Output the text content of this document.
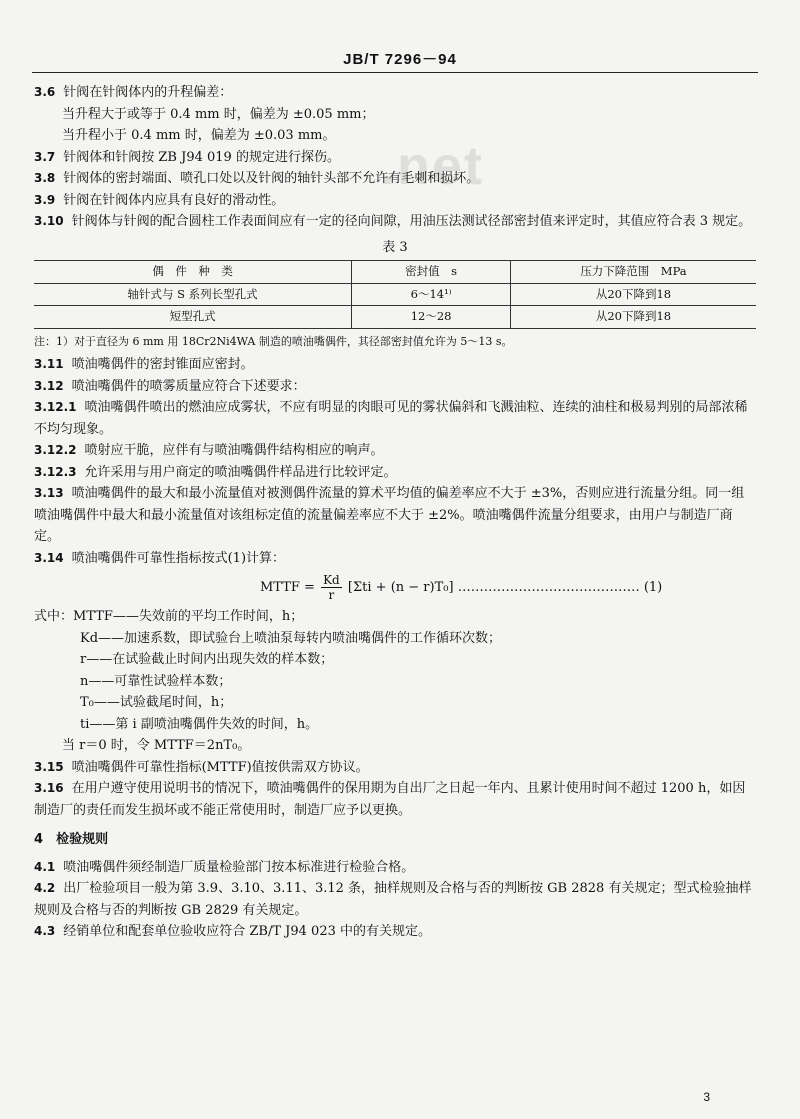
.net
JB/T 7296－94

3.6 针阀在针阀体内的升程偏差：

当升程大于或等于 0.4 mm 时，偏差为 ±0.05 mm；

当升程小于 0.4 mm 时，偏差为 ±0.03 mm。

3.7 针阀体和针阀按 ZB J94 019 的规定进行探伤。

3.8 针阀体的密封端面、喷孔口处以及针阀的轴针头部不允许有毛刺和损坏。

3.9 针阀在针阀体内应具有良好的滑动性。

3.10 针阀体与针阀的配合圆柱工作表面间应有一定的径向间隙，用油压法测试径部密封值来评定时，其值应符合表 3 规定。

表 3
偶　件　种　类	密封值　s	压力下降范围　MPa
轴针式与 S 系列长型孔式	6～14¹⁾	从20下降到18
短型孔式	12～28	从20下降到18
注：1）对于直径为 6 mm 用 18Cr2Ni4WA 制造的喷油嘴偶件，其径部密封值允许为 5～13 s。

3.11 喷油嘴偶件的密封锥面应密封。

3.12 喷油嘴偶件的喷雾质量应符合下述要求：

3.12.1 喷油嘴偶件喷出的燃油应成雾状，不应有明显的肉眼可见的雾状偏斜和飞溅油粒、连续的油柱和极易判别的局部浓稀不均匀现象。

3.12.2 喷射应干脆，应伴有与喷油嘴偶件结构相应的响声。

3.12.3 允许采用与用户商定的喷油嘴偶件样品进行比较评定。

3.13 喷油嘴偶件的最大和最小流量值对被测偶件流量的算术平均值的偏差率应不大于 ±3%，否则应进行流量分组。同一组喷油嘴偶件中最大和最小流量值对该组标定值的流量偏差率应不大于 ±2%。喷油嘴偶件流量分组要求，由用户与制造厂商定。

3.14 喷油嘴偶件可靠性指标按式(1)计算：

MTTF = $\frac{Kd}{r} [\Sigma ti + (n - r)T_0]$ …………………………………… (1)

式中：MTTF——失效前的平均工作时间，h；

Kd——加速系数，即试验台上喷油泵每转内喷油嘴偶件的工作循环次数；

r——在试验截止时间内出现失效的样本数；

n——可靠性试验样本数；

T₀——试验截尾时间，h；

ti——第 i 副喷油嘴偶件失效的时间，h。

当 r＝0 时，令 MTTF＝2nT₀。

3.15 喷油嘴偶件可靠性指标(MTTF)值按供需双方协议。

3.16 在用户遵守使用说明书的情况下，喷油嘴偶件的保用期为自出厂之日起一年内、且累计使用时间不超过 1200 h，如因制造厂的责任而发生损坏或不能正常使用时，制造厂应予以更换。

4　 检验规则

4.1 喷油嘴偶件须经制造厂质量检验部门按本标准进行检验合格。

4.2 出厂检验项目一般为第 3.9、3.10、3.11、3.12 条，抽样规则及合格与否的判断按 GB 2828 有关规定；型式检验抽样规则及合格与否的判断按 GB 2829 有关规定。

4.3 经销单位和配套单位验收应符合 ZB/T J94 023 中的有关规定。

3
